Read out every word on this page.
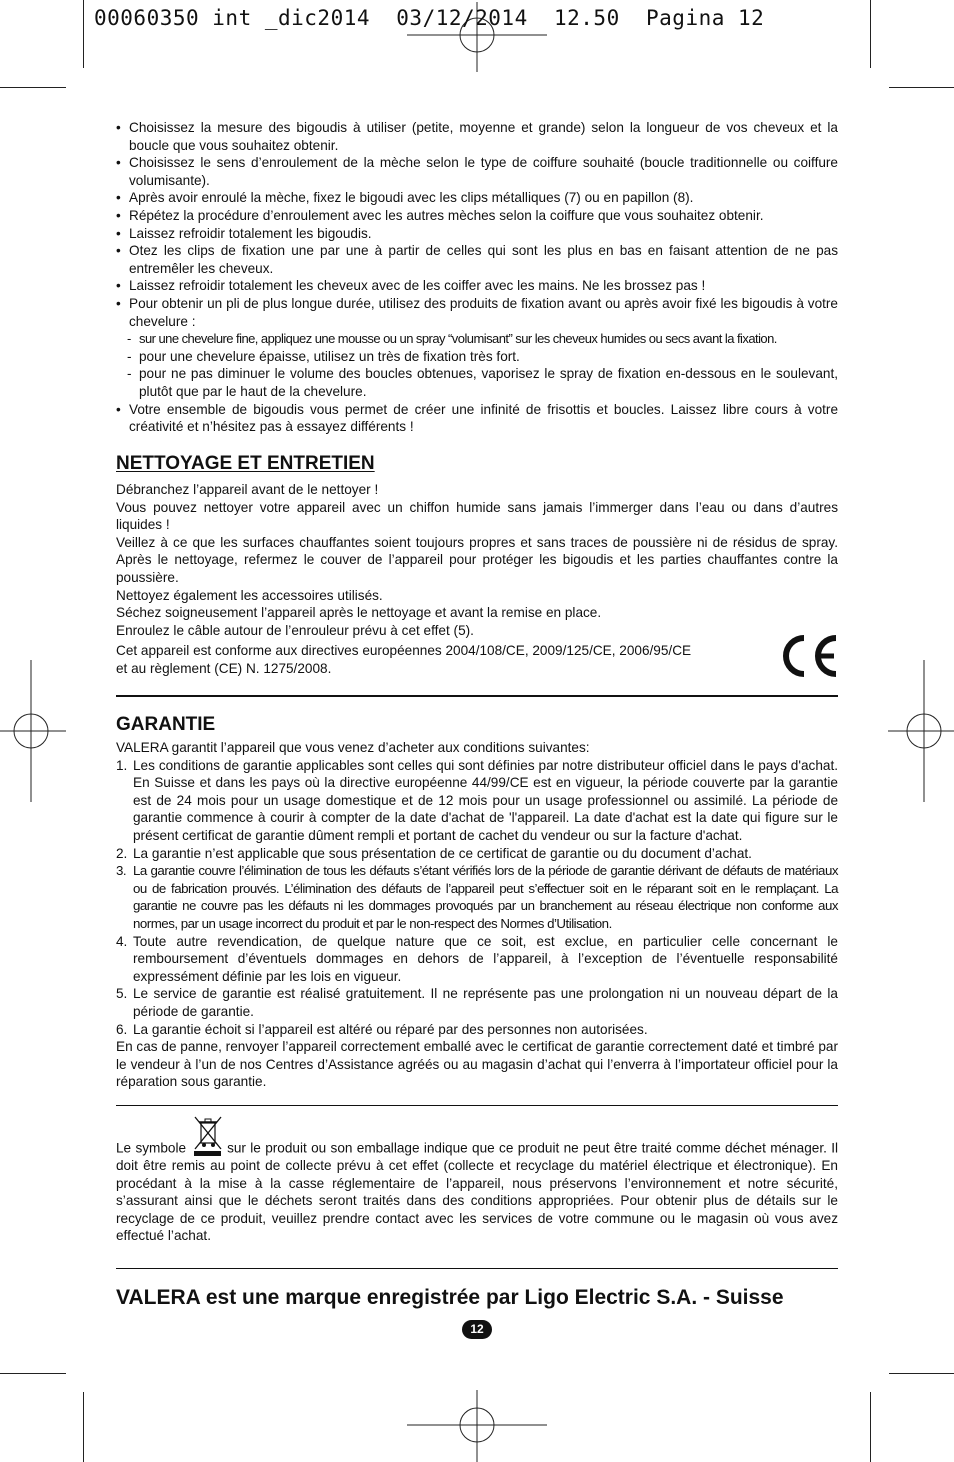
00060350 int _dic2014  03/12/2014  12.50  Pagina 12
• Choisissez la mesure des bigoudis à utiliser (petite, moyenne et grande) selon la longueur de vos cheveux et la boucle que vous souhaitez obtenir.
• Choisissez le sens d’enroulement de la mèche selon le type de coiffure souhaité (boucle traditionnelle ou coiffure volumisante).
• Après avoir enroulé la mèche, fixez le bigoudi avec les clips métalliques (7) ou en papillon (8).
• Répétez la procédure d’enroulement avec les autres mèches selon la coiffure que vous souhaitez obtenir.
• Laissez refroidir totalement les bigoudis.
• Otez les clips de fixation une par une à partir de celles qui sont les plus en bas en faisant attention de ne pas entremêler les cheveux.
• Laissez refroidir totalement les cheveux avec de les coiffer avec les mains. Ne les brossez pas !
• Pour obtenir un pli de plus longue durée, utilisez des produits de fixation avant ou après avoir fixé les bigoudis à votre chevelure :
- sur une chevelure fine, appliquez une mousse ou un spray “volumisant” sur les cheveux humides ou secs avant la fixation.
- pour une chevelure épaisse, utilisez un très de fixation très fort.
- pour ne pas diminuer le volume des boucles obtenues, vaporisez le spray de fixation en-dessous en le soulevant, plutôt que par le haut de la chevelure.
• Votre ensemble de bigoudis vous permet de créer une infinité de frisottis et boucles. Laissez libre cours à votre créativité et n’hésitez pas à essayez différents !

NETTOYAGE ET ENTRETIEN

Débranchez l’appareil avant de le nettoyer !

Vous pouvez nettoyer votre appareil avec un chiffon humide sans jamais l’immerger dans l’eau ou dans d’autres liquides !

Veillez à ce que les surfaces chauffantes soient toujours propres et sans traces de poussière ni de résidus de spray. Après le nettoyage, refermez le couver de l’appareil pour protéger les bigoudis et les parties chauffantes contre la poussière.

Nettoyez également les accessoires utilisés.

Séchez soigneusement l’appareil après le nettoyage et avant la remise en place.

Enroulez le câble autour de l’enrouleur prévu à cet effet (5).

Cet appareil est conforme aux directives européennes 2004/108/CE, 2009/125/CE, 2006/95/CE

et au règlement (CE) N. 1275/2008.

GARANTIE

VALERA garantit l’appareil que vous venez d’acheter aux conditions suivantes:

1. Les conditions de garantie applicables sont celles qui sont définies par notre distributeur officiel dans le pays d'achat. En Suisse et dans les pays où la directive européenne 44/99/CE est en vigueur, la période couverte par la garantie est de 24 mois pour un usage domestique et de 12 mois pour un usage professionnel ou assimilé. La période de garantie commence à courir à compter de la date d'achat de 'l'appareil. La date d'achat est la date qui figure sur le présent certificat de garantie dûment rempli et portant de cachet du vendeur ou sur la facture d'achat.
2. La garantie n’est applicable que sous présentation de ce certificat de garantie ou du document d’achat.
3. La garantie couvre l’élimination de tous les défauts s’étant vérifiés lors de la période de garantie dérivant de défauts de matériaux ou de fabrication prouvés. L’élimination des défauts de l’appareil peut s’effectuer soit en le réparant soit en le remplaçant. La garantie ne couvre pas les défauts ni les dommages provoqués par un branchement au réseau électrique non conforme aux normes, par un usage incorrect du produit et par le non-respect des Normes d’Utilisation.
4. Toute autre revendication, de quelque nature que ce soit, est exclue, en particulier celle concernant le remboursement d’éventuels dommages en dehors de l’appareil, à l’exception de l’éventuelle responsabilité expressément définie par les lois en vigueur.
5. Le service de garantie est réalisé gratuitement. Il ne représente pas une prolongation ni un nouveau départ de la période de garantie.
6. La garantie échoit si l’appareil est altéré ou réparé par des personnes non autorisées.

En cas de panne, renvoyer l’appareil correctement emballé avec le certificat de garantie correctement daté et timbré par le vendeur à l’un de nos Centres d’Assistance agréés ou au magasin d’achat qui l’enverra à l’importateur officiel pour la réparation sous garantie.

Le symbole	sur le produit ou son emballage indique que ce produit ne peut être traité comme déchet ménager. Il doit être remis au point de collecte prévu à cet effet (collecte et recyclage du matériel électrique et électronique). En procédant à la mise à la casse réglementaire de l’appareil, nous préservons l’environnement et notre sécurité, s’assurant ainsi que le déchets seront traités dans des conditions appropriées. Pour obtenir plus de détails sur le recyclage de ce produit, veuillez prendre contact avec les services de votre commune ou le magasin où vous avez effectué l’achat.

VALERA est une marque enregistrée par Ligo Electric S.A. - Suisse
12
